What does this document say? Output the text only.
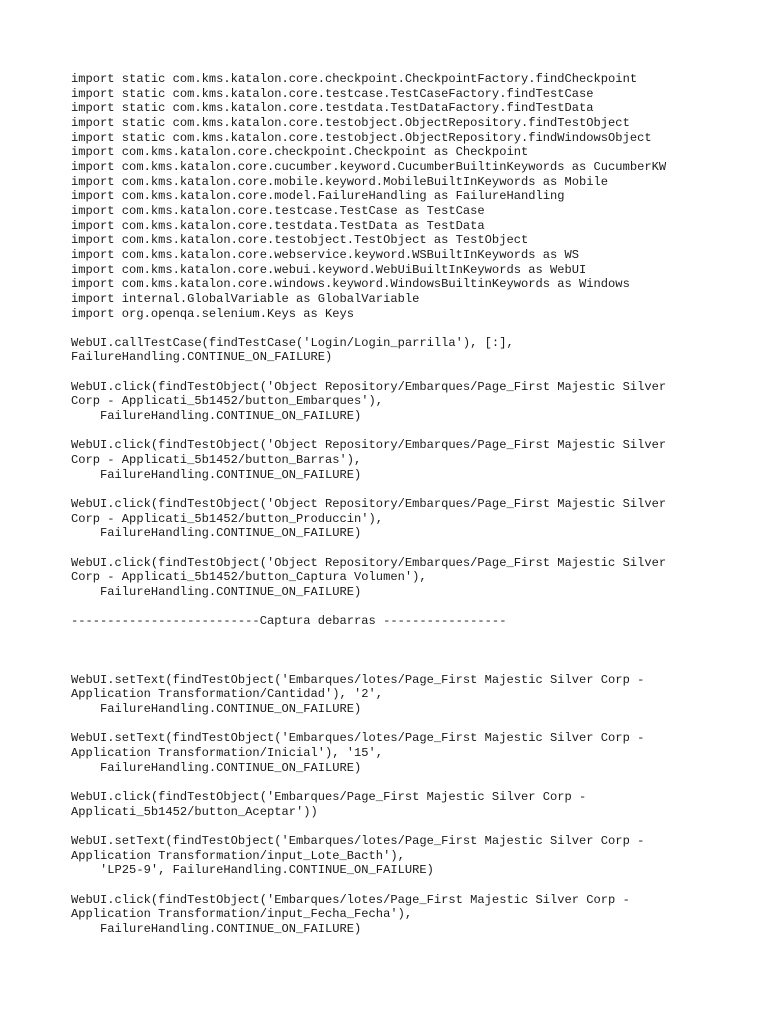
import static com.kms.katalon.core.checkpoint.CheckpointFactory.findCheckpoint
import static com.kms.katalon.core.testcase.TestCaseFactory.findTestCase
import static com.kms.katalon.core.testdata.TestDataFactory.findTestData
import static com.kms.katalon.core.testobject.ObjectRepository.findTestObject
import static com.kms.katalon.core.testobject.ObjectRepository.findWindowsObject
import com.kms.katalon.core.checkpoint.Checkpoint as Checkpoint
import com.kms.katalon.core.cucumber.keyword.CucumberBuiltinKeywords as CucumberKW
import com.kms.katalon.core.mobile.keyword.MobileBuiltInKeywords as Mobile
import com.kms.katalon.core.model.FailureHandling as FailureHandling
import com.kms.katalon.core.testcase.TestCase as TestCase
import com.kms.katalon.core.testdata.TestData as TestData
import com.kms.katalon.core.testobject.TestObject as TestObject
import com.kms.katalon.core.webservice.keyword.WSBuiltInKeywords as WS
import com.kms.katalon.core.webui.keyword.WebUiBuiltInKeywords as WebUI
import com.kms.katalon.core.windows.keyword.WindowsBuiltinKeywords as Windows
import internal.GlobalVariable as GlobalVariable
import org.openqa.selenium.Keys as Keys
WebUI.callTestCase(findTestCase('Login/Login_parrilla'), [:],
FailureHandling.CONTINUE_ON_FAILURE)
WebUI.click(findTestObject('Object Repository/Embarques/Page_First Majestic Silver
Corp - Applicati_5b1452/button_Embarques'),
FailureHandling.CONTINUE_ON_FAILURE)
WebUI.click(findTestObject('Object Repository/Embarques/Page_First Majestic Silver
Corp - Applicati_5b1452/button_Barras'),
FailureHandling.CONTINUE_ON_FAILURE)
WebUI.click(findTestObject('Object Repository/Embarques/Page_First Majestic Silver
Corp - Applicati_5b1452/button_Produccin'),
FailureHandling.CONTINUE_ON_FAILURE)
WebUI.click(findTestObject('Object Repository/Embarques/Page_First Majestic Silver
Corp - Applicati_5b1452/button_Captura Volumen'),
FailureHandling.CONTINUE_ON_FAILURE)
--------------------------Captura debarras -----------------
WebUI.setText(findTestObject('Embarques/lotes/Page_First Majestic Silver Corp -
Application Transformation/Cantidad'), '2',
FailureHandling.CONTINUE_ON_FAILURE)
WebUI.setText(findTestObject('Embarques/lotes/Page_First Majestic Silver Corp -
Application Transformation/Inicial'), '15',
FailureHandling.CONTINUE_ON_FAILURE)
WebUI.click(findTestObject('Embarques/Page_First Majestic Silver Corp -
Applicati_5b1452/button_Aceptar'))
WebUI.setText(findTestObject('Embarques/lotes/Page_First Majestic Silver Corp -
Application Transformation/input_Lote_Bacth'),
'LP25-9', FailureHandling.CONTINUE_ON_FAILURE)
WebUI.click(findTestObject('Embarques/lotes/Page_First Majestic Silver Corp -
Application Transformation/input_Fecha_Fecha'),
FailureHandling.CONTINUE_ON_FAILURE)
